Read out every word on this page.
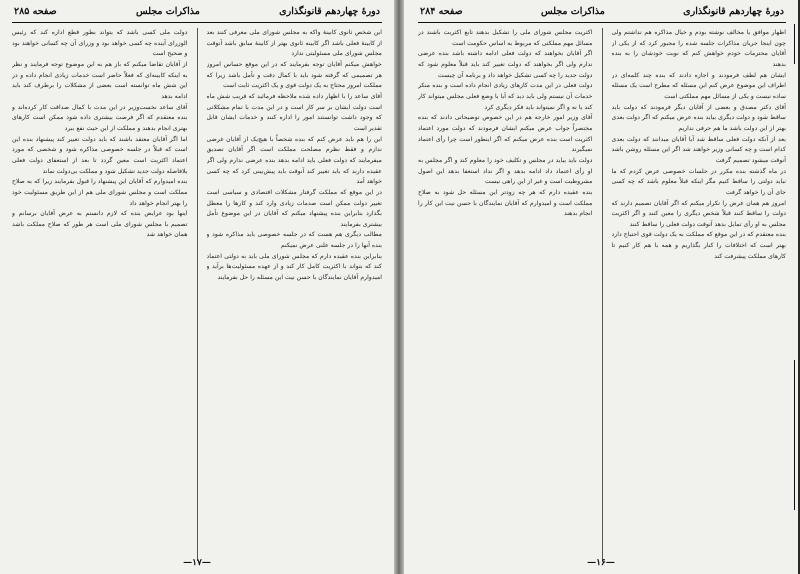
دورهٔ چهاردهم قانونگذاری
مذاکرات مجلس
صفحه ۲۸۵

این شخص ثانوی کابینهٔ واکه به مجلس شورای ملی معرفی کنند بعد از کابینهٔ فعلی باشد اگر کابینه ثانوی بهتر از کابینهٔ سابق باشد آنوقت مجلس شورای ملی مسئولیتی ندارد

خواهش میکنم آقایان توجه بفرمایند که در این موقع حساس امروز هر تصمیمی که گرفته شود باید با کمال دقت و تأمل باشد زیرا که مملکت امروز محتاج به یک دولت قوی و یک اکثریت ثابت است

آقای ساعد را با اظهار داده شده ملاحظه فرمائید که قریب شش ماه است دولت ایشان بر سر کار است و در این مدت با تمام مشکلاتی که وجود داشت توانستند امور را اداره کنند و خدمات ایشان قابل تقدیر است

این را هم باید عرض کنم که بنده شخصاً با هیچ‌یک از آقایان غرضی ندارم و فقط نظرم مصلحت مملکت است اگر آقایان تصدیق میفرمایند که دولت فعلی باید ادامه بدهد بنده عرضی ندارم ولی اگر عقیده دارند که باید تغییر کند آنوقت باید پیش‌بینی کرد که چه کسی خواهد آمد

در این موقع که مملکت گرفتار مشکلات اقتصادی و سیاسی است تغییر دولت ممکن است صدمات زیادی وارد کند و کارها را معطل بگذارد بنابراین بنده پیشنهاد میکنم که آقایان در این موضوع تأمل بیشتری بفرمایند

مطالب دیگری هم هست که در جلسه خصوصی باید مذاکره شود و بنده آنها را در جلسه علنی عرض نمیکنم

بنابراین بنده عقیده دارم که مجلس شورای ملی باید به دولتی اعتماد کند که بتواند با اکثریت کامل کار کند و از عهده مسئولیت‌ها برآید و امیدوارم آقایان نمایندگان با حسن نیت این مسئله را حل بفرمایند

دولت ملی کسی باشد که بتواند بطور قطع اداره کند که رئیس الوزرای آینده چه کسی خواهد بود و وزرای آن چه کسانی خواهند بود و صحیح است

از آقایان تقاضا میکنم که باز هم به این موضوع توجه فرمایند و نظر به اینکه کابینه‌ای که فعلاً حاضر است خدمات زیادی انجام داده و در این شش ماه توانسته است بعضی از مشکلات را برطرف کند باید ادامه بدهد

آقای ساعد نخست‌وزیر در این مدت با کمال صداقت کار کرده‌اند و بنده معتقدم که اگر فرصت بیشتری داده شود ممکن است کارهای بهتری انجام بدهند و مملکت از این حیث نفع ببرد

اما اگر آقایان معتقد باشند که باید دولت تغییر کند پیشنهاد بنده این است که قبلاً در جلسه خصوصی مذاکره شود و شخصی که مورد اعتماد اکثریت است معین گردد تا بعد از استعفای دولت فعلی بلافاصله دولت جدید تشکیل شود و مملکت بی‌دولت نماند

بنده امیدوارم که آقایان این پیشنهاد را قبول بفرمایند زیرا که به صلاح مملکت است و مجلس شورای ملی هم از این طریق مسئولیت خود را بهتر انجام خواهد داد

اینها بود عرایض بنده که لازم دانستم به عرض آقایان برسانم و تصمیم با مجلس شورای ملی است هر طور که صلاح مملکت باشد همان خواهد شد

—۱۷—
دورهٔ چهاردهم قانونگذاری
مذاکرات مجلس
صفحه ۲۸۴

اظهار موافق یا مخالف نوشته بودم و خیال مذاکره هم نداشتم ولی چون اینجا جریان مذاکرات جلسه شده را مجبور کرد که از یکی از آقایان محترمات خودم خواهش کنم که نوبت خودشان را به بنده بدهند

ایشان هم لطف فرمودند و اجازه دادند که بنده چند کلمه‌ای در اطراف این موضوع عرض کنم این مسئله که مطرح است یک مسئله ساده نیست و یکی از مسائل مهم مملکتی است

آقای دکتر مصدق و بعضی از آقایان دیگر فرمودند که دولت باید ساقط شود و دولت دیگری بیاید بنده عرض میکنم که اگر دولت بعدی بهتر از این دولت باشد ما هم حرفی نداریم

بعد از آنکه دولت فعلی ساقط شد آیا آقایان میدانند که دولت بعدی کدام است و چه کسانی وزیر خواهند شد اگر این مسئله روشن باشد آنوقت میشود تصمیم گرفت

در ماه گذشته بنده مکرر در جلسات خصوصی عرض کردم که ما نباید دولتی را ساقط کنیم مگر اینکه قبلاً معلوم باشد که چه کسی جای آن را خواهد گرفت

امروز هم همان عرض را تکرار میکنم که اگر آقایان تصمیم دارند که دولت را ساقط کنند قبلاً شخص دیگری را معین کنند و اگر اکثریت مجلس به او رأی تمایل بدهد آنوقت دولت فعلی را ساقط کنند

بنده معتقدم که در این موقع که مملکت به یک دولت قوی احتیاج دارد بهتر است که اختلافات را کنار بگذاریم و همه با هم کار کنیم تا کارهای مملکت پیشرفت کند

اکثریت مجلس شورای ملی را تشکیل بدهند تابع اکثریت باشند در مسائل مهم مملکتی که مربوط به اساس حکومت است

اگر آقایان بخواهند که دولت فعلی ادامه داشته باشد بنده عرضی ندارم ولی اگر بخواهند که دولت تغییر کند باید قبلاً معلوم شود که دولت جدید را چه کسی تشکیل خواهد داد و برنامه آن چیست

دولت فعلی در این مدت کارهای زیادی انجام داده است و بنده منکر خدمات آن نیستم ولی باید دید که آیا با وضع فعلی مجلس میتواند کار کند یا نه و اگر نمیتواند باید فکر دیگری کرد

آقای وزیر امور خارجه هم در این خصوص توضیحاتی دادند که بنده مختصراً جواب عرض میکنم ایشان فرمودند که دولت مورد اعتماد اکثریت است بنده عرض میکنم که اگر اینطور است چرا رأی اعتماد نمیگیرند

دولت باید بیاید در مجلس و تکلیف خود را معلوم کند و اگر مجلس به او رأی اعتماد داد ادامه بدهد و اگر نداد استعفا بدهد این اصول مشروطیت است و غیر از این راهی نیست

بنده عقیده دارم که هر چه زودتر این مسئله حل شود به صلاح مملکت است و امیدوارم که آقایان نمایندگان با حسن نیت این کار را انجام بدهند

—۱۶—
